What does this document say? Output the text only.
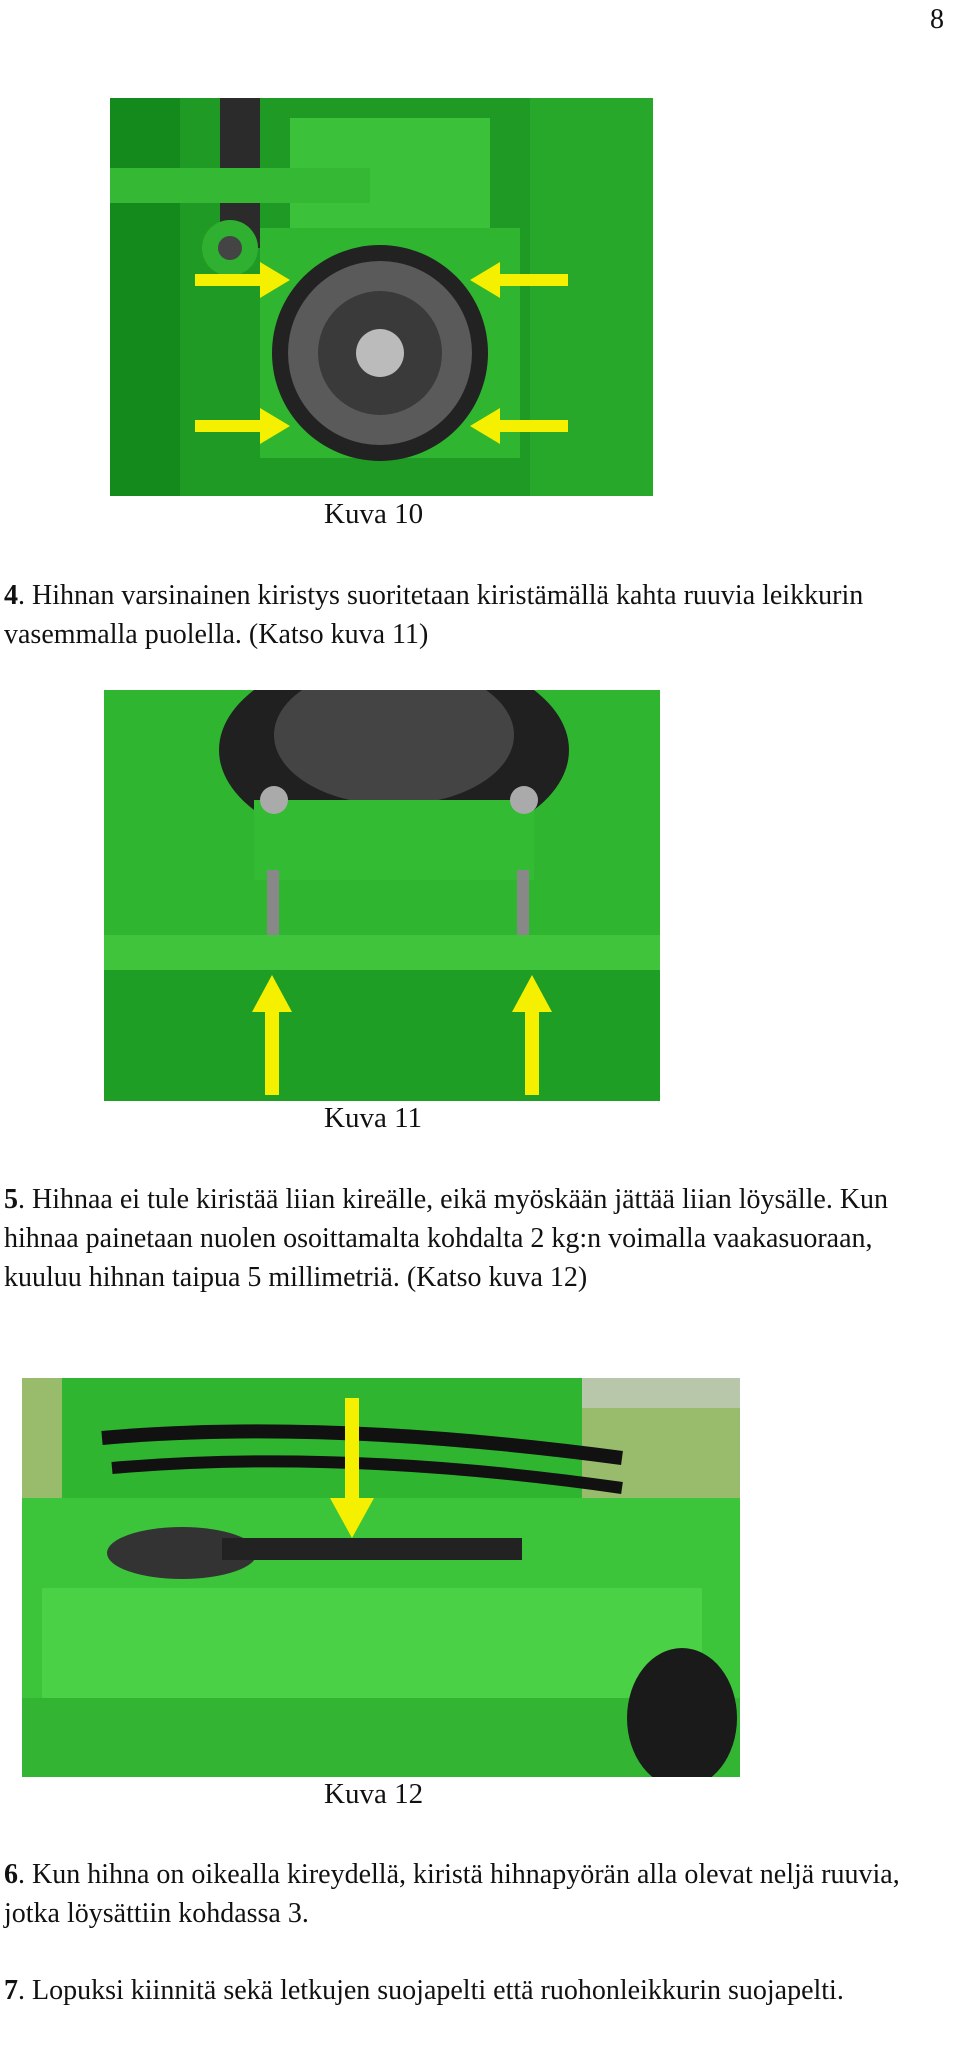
8
Kuva 10
4. Hihnan varsinainen kiristys suoritetaan kiristämällä kahta ruuvia leikkurin vasemmalla puolella. (Katso kuva 11)
Kuva 11
5. Hihnaa ei tule kiristää liian kireälle, eikä myöskään jättää liian löysälle. Kun hihnaa painetaan nuolen osoittamalta kohdalta 2 kg:n voimalla vaakasuoraan, kuuluu hihnan taipua 5 millimetriä. (Katso kuva 12)
Kuva 12
6. Kun hihna on oikealla kireydellä, kiristä hihnapyörän alla olevat neljä ruuvia, jotka löysättiin kohdassa 3.
7. Lopuksi kiinnitä sekä letkujen suojapelti että ruohonleikkurin suojapelti.
